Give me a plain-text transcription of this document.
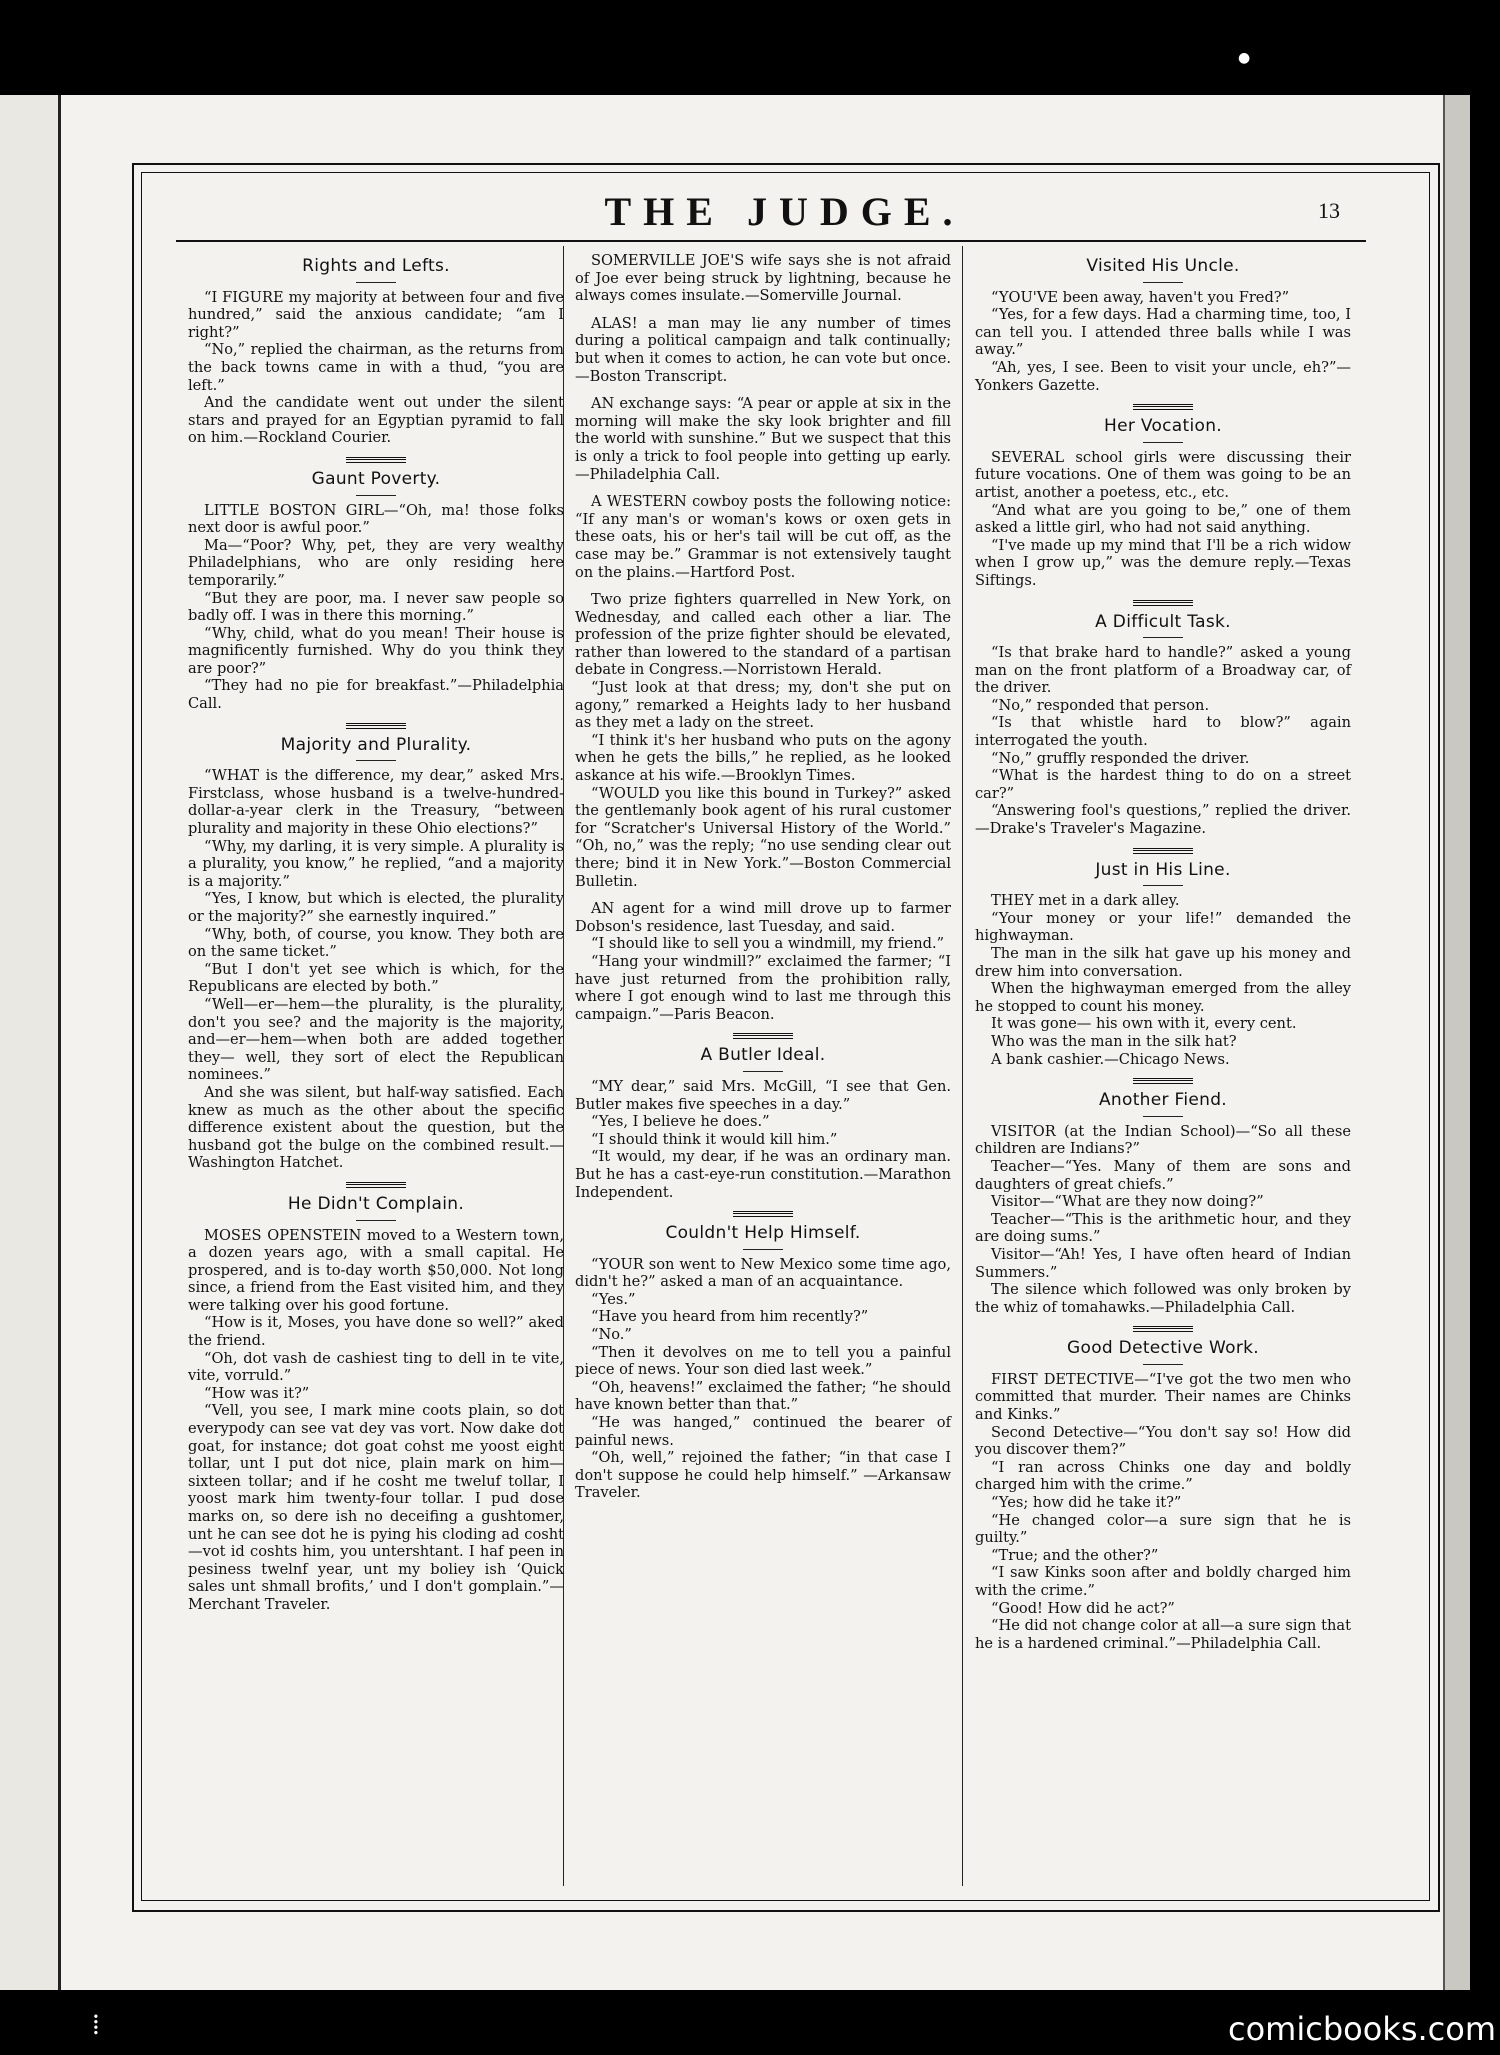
●
THE JUDGE.	13
Rights and Lefts.

“I FIGURE my majority at between four and five hundred,” said the anxious candidate; “am I right?”

“No,” replied the chairman, as the returns from the back towns came in with a thud, “you are left.”

And the candidate went out under the silent stars and prayed for an Egyptian pyramid to fall on him.—Rockland Courier.

Gaunt Poverty.

LITTLE BOSTON GIRL—“Oh, ma! those folks next door is awful poor.”

Ma—“Poor? Why, pet, they are very wealthy Philadelphians, who are only residing here temporarily.”

“But they are poor, ma. I never saw people so badly off. I was in there this morning.”

“Why, child, what do you mean! Their house is magnificently furnished. Why do you think they are poor?”

“They had no pie for breakfast.”—Philadelphia Call.

Majority and Plurality.

“WHAT is the difference, my dear,” asked Mrs. Firstclass, whose husband is a twelve-hundred-dollar-a-year clerk in the Treasury, “between plurality and majority in these Ohio elections?”

“Why, my darling, it is very simple. A plurality is a plurality, you know,” he replied, “and a majority is a majority.”

“Yes, I know, but which is elected, the plurality or the majority?” she earnestly inquired.”

“Why, both, of course, you know. They both are on the same ticket.”

“But I don't yet see which is which, for the Republicans are elected by both.”

“Well—er—hem—the plurality, is the plurality, don't you see? and the majority is the majority, and—er—hem—when both are added together they— well, they sort of elect the Republican nominees.”

And she was silent, but half-way satisfied. Each knew as much as the other about the specific difference existent about the question, but the husband got the bulge on the combined result.—Washington Hatchet.

He Didn't Complain.

MOSES OPENSTEIN moved to a Western town, a dozen years ago, with a small capital. He prospered, and is to-day worth $50,000. Not long since, a friend from the East visited him, and they were talking over his good fortune.

“How is it, Moses, you have done so well?” aked the friend.

“Oh, dot vash de cashiest ting to dell in te vite, vite, vorruld.”

“How was it?”

“Vell, you see, I mark mine coots plain, so dot everypody can see vat dey vas vort. Now dake dot goat, for instance; dot goat cohst me yoost eight tollar, unt I put dot nice, plain mark on him—sixteen tollar; and if he cosht me tweluf tollar, I yoost mark him twenty-four tollar. I pud dose marks on, so dere ish no deceifing a gushtomer, unt he can see dot he is pying his cloding ad cosht—vot id coshts him, you untershtant. I haf peen in pesiness twelnf year, unt my boliey ish ‘Quick sales unt shmall brofits,’ und I don't gomplain.”—Merchant Traveler.

SOMERVILLE JOE'S wife says she is not afraid of Joe ever being struck by lightning, because he always comes insulate.—Somerville Journal.

ALAS! a man may lie any number of times during a political campaign and talk continually; but when it comes to action, he can vote but once.—Boston Transcript.

AN exchange says: “A pear or apple at six in the morning will make the sky look brighter and fill the world with sunshine.” But we suspect that this is only a trick to fool people into getting up early.—Philadelphia Call.

A WESTERN cowboy posts the following notice: “If any man's or woman's kows or oxen gets in these oats, his or her's tail will be cut off, as the case may be.” Grammar is not extensively taught on the plains.—Hartford Post.

Two prize fighters quarrelled in New York, on Wednesday, and called each other a liar. The profession of the prize fighter should be elevated, rather than lowered to the standard of a partisan debate in Congress.—Norristown Herald.

“Just look at that dress; my, don't she put on agony,” remarked a Heights lady to her husband as they met a lady on the street.

“I think it's her husband who puts on the agony when he gets the bills,” he replied, as he looked askance at his wife.—Brooklyn Times.

“WOULD you like this bound in Turkey?” asked the gentlemanly book agent of his rural customer for “Scratcher's Universal History of the World.” “Oh, no,” was the reply; “no use sending clear out there; bind it in New York.”—Boston Commercial Bulletin.

AN agent for a wind mill drove up to farmer Dobson's residence, last Tuesday, and said.

“I should like to sell you a windmill, my friend.”

“Hang your windmill?” exclaimed the farmer; “I have just returned from the prohibition rally, where I got enough wind to last me through this campaign.”—Paris Beacon.

A Butler Ideal.

“MY dear,” said Mrs. McGill, “I see that Gen. Butler makes five speeches in a day.”

“Yes, I believe he does.”

“I should think it would kill him.”

“It would, my dear, if he was an ordinary man. But he has a cast-eye-run constitution.—Marathon Independent.

Couldn't Help Himself.

“YOUR son went to New Mexico some time ago, didn't he?” asked a man of an acquaintance.

“Yes.”

“Have you heard from him recently?”

“No.”

“Then it devolves on me to tell you a painful piece of news. Your son died last week.”

“Oh, heavens!” exclaimed the father; “he should have known better than that.”

“He was hanged,” continued the bearer of painful news.

“Oh, well,” rejoined the father; “in that case I don't suppose he could help himself.” —Arkansaw Traveler.

Visited His Uncle.

“YOU'VE been away, haven't you Fred?”

“Yes, for a few days. Had a charming time, too, I can tell you. I attended three balls while I was away.”

“Ah, yes, I see. Been to visit your uncle, eh?”—Yonkers Gazette.

Her Vocation.

SEVERAL school girls were discussing their future vocations. One of them was going to be an artist, another a poetess, etc., etc.

“And what are you going to be,” one of them asked a little girl, who had not said anything.

“I've made up my mind that I'll be a rich widow when I grow up,” was the demure reply.—Texas Siftings.

A Difficult Task.

“Is that brake hard to handle?” asked a young man on the front platform of a Broadway car, of the driver.

“No,” responded that person.

“Is that whistle hard to blow?” again interrogated the youth.

“No,” gruffly responded the driver.

“What is the hardest thing to do on a street car?”

“Answering fool's questions,” replied the driver.—Drake's Traveler's Magazine.

Just in His Line.

THEY met in a dark alley.

“Your money or your life!” demanded the highwayman.

The man in the silk hat gave up his money and drew him into conversation.

When the highwayman emerged from the alley he stopped to count his money.

It was gone— his own with it, every cent.

Who was the man in the silk hat?

A bank cashier.—Chicago News.

Another Fiend.

VISITOR (at the Indian School)—“So all these children are Indians?”

Teacher—“Yes. Many of them are sons and daughters of great chiefs.”

Visitor—“What are they now doing?”

Teacher—“This is the arithmetic hour, and they are doing sums.”

Visitor—“Ah! Yes, I have often heard of Indian Summers.”

The silence which followed was only broken by the whiz of tomahawks.—Philadelphia Call.

Good Detective Work.

FIRST DETECTIVE—“I've got the two men who committed that murder. Their names are Chinks and Kinks.”

Second Detective—“You don't say so! How did you discover them?”

“I ran across Chinks one day and boldly charged him with the crime.”

“Yes; how did he take it?”

“He changed color—a sure sign that he is guilty.”

“True; and the other?”

“I saw Kinks soon after and boldly charged him with the crime.”

“Good! How did he act?”

“He did not change color at all—a sure sign that he is a hardened criminal.”—Philadelphia Call.

⁞	comicbooks.com
